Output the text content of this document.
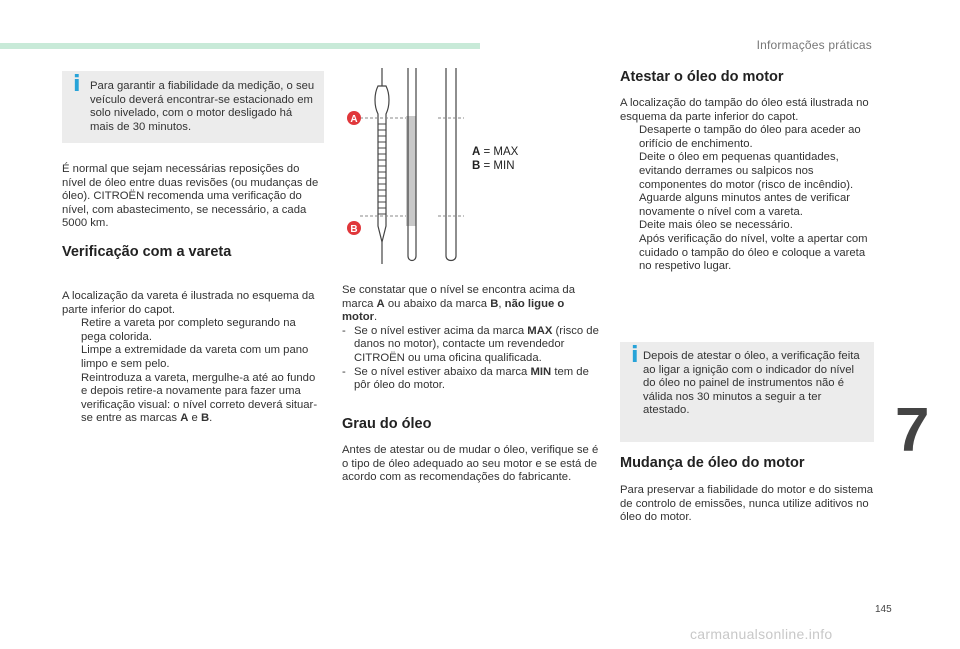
Informações práticas
i Para garantir a fiabilidade da medição, o seu veículo deverá encontrar-se estacionado em solo nivelado, com o motor desligado há mais de 30 minutos.

É normal que sejam necessárias reposições do nível de óleo entre duas revisões (ou mudanças de óleo). CITROËN recomenda uma verificação do nível, com abastecimento, se necessário, a cada 5000 km.

Verificação com a vareta

A localização da vareta é ilustrada no esquema da parte inferior do capot.

Retire a vareta por completo segurando na pega colorida.
Limpe a extremidade da vareta com um pano limpo e sem pelo.
Reintroduza a vareta, mergulhe-a até ao fundo e depois retire-a novamente para fazer uma verificação visual: o nível correto deverá situar-se entre as marcas A e B.
A
B
A = MAX
B = MIN

Se constatar que o nível se encontra acima da marca A ou abaixo da marca B, não ligue o motor.

- Se o nível estiver acima da marca MAX (risco de danos no motor), contacte um revendedor CITROËN ou uma oficina qualificada.
- Se o nível estiver abaixo da marca MIN tem de pôr óleo do motor.
Grau do óleo

Antes de atestar ou de mudar o óleo, verifique se é o tipo de óleo adequado ao seu motor e se está de acordo com as recomendações do fabricante.

Atestar o óleo do motor

A localização do tampão do óleo está ilustrada no esquema da parte inferior do capot.

Desaperte o tampão do óleo para aceder ao orifício de enchimento.
Deite o óleo em pequenas quantidades, evitando derrames ou salpicos nos componentes do motor (risco de incêndio).
Aguarde alguns minutos antes de verificar novamente o nível com a vareta.
Deite mais óleo se necessário.
Após verificação do nível, volte a apertar com cuidado o tampão do óleo e coloque a vareta no respetivo lugar.
i Depois de atestar o óleo, a verificação feita ao ligar a ignição com o indicador do nível do óleo no painel de instrumentos não é válida nos 30 minutos a seguir a ter atestado.

Mudança de óleo do motor

Para preservar a fiabilidade do motor e do sistema de controlo de emissões, nunca utilize aditivos no óleo do motor.

7
145
carmanualsonline.info
